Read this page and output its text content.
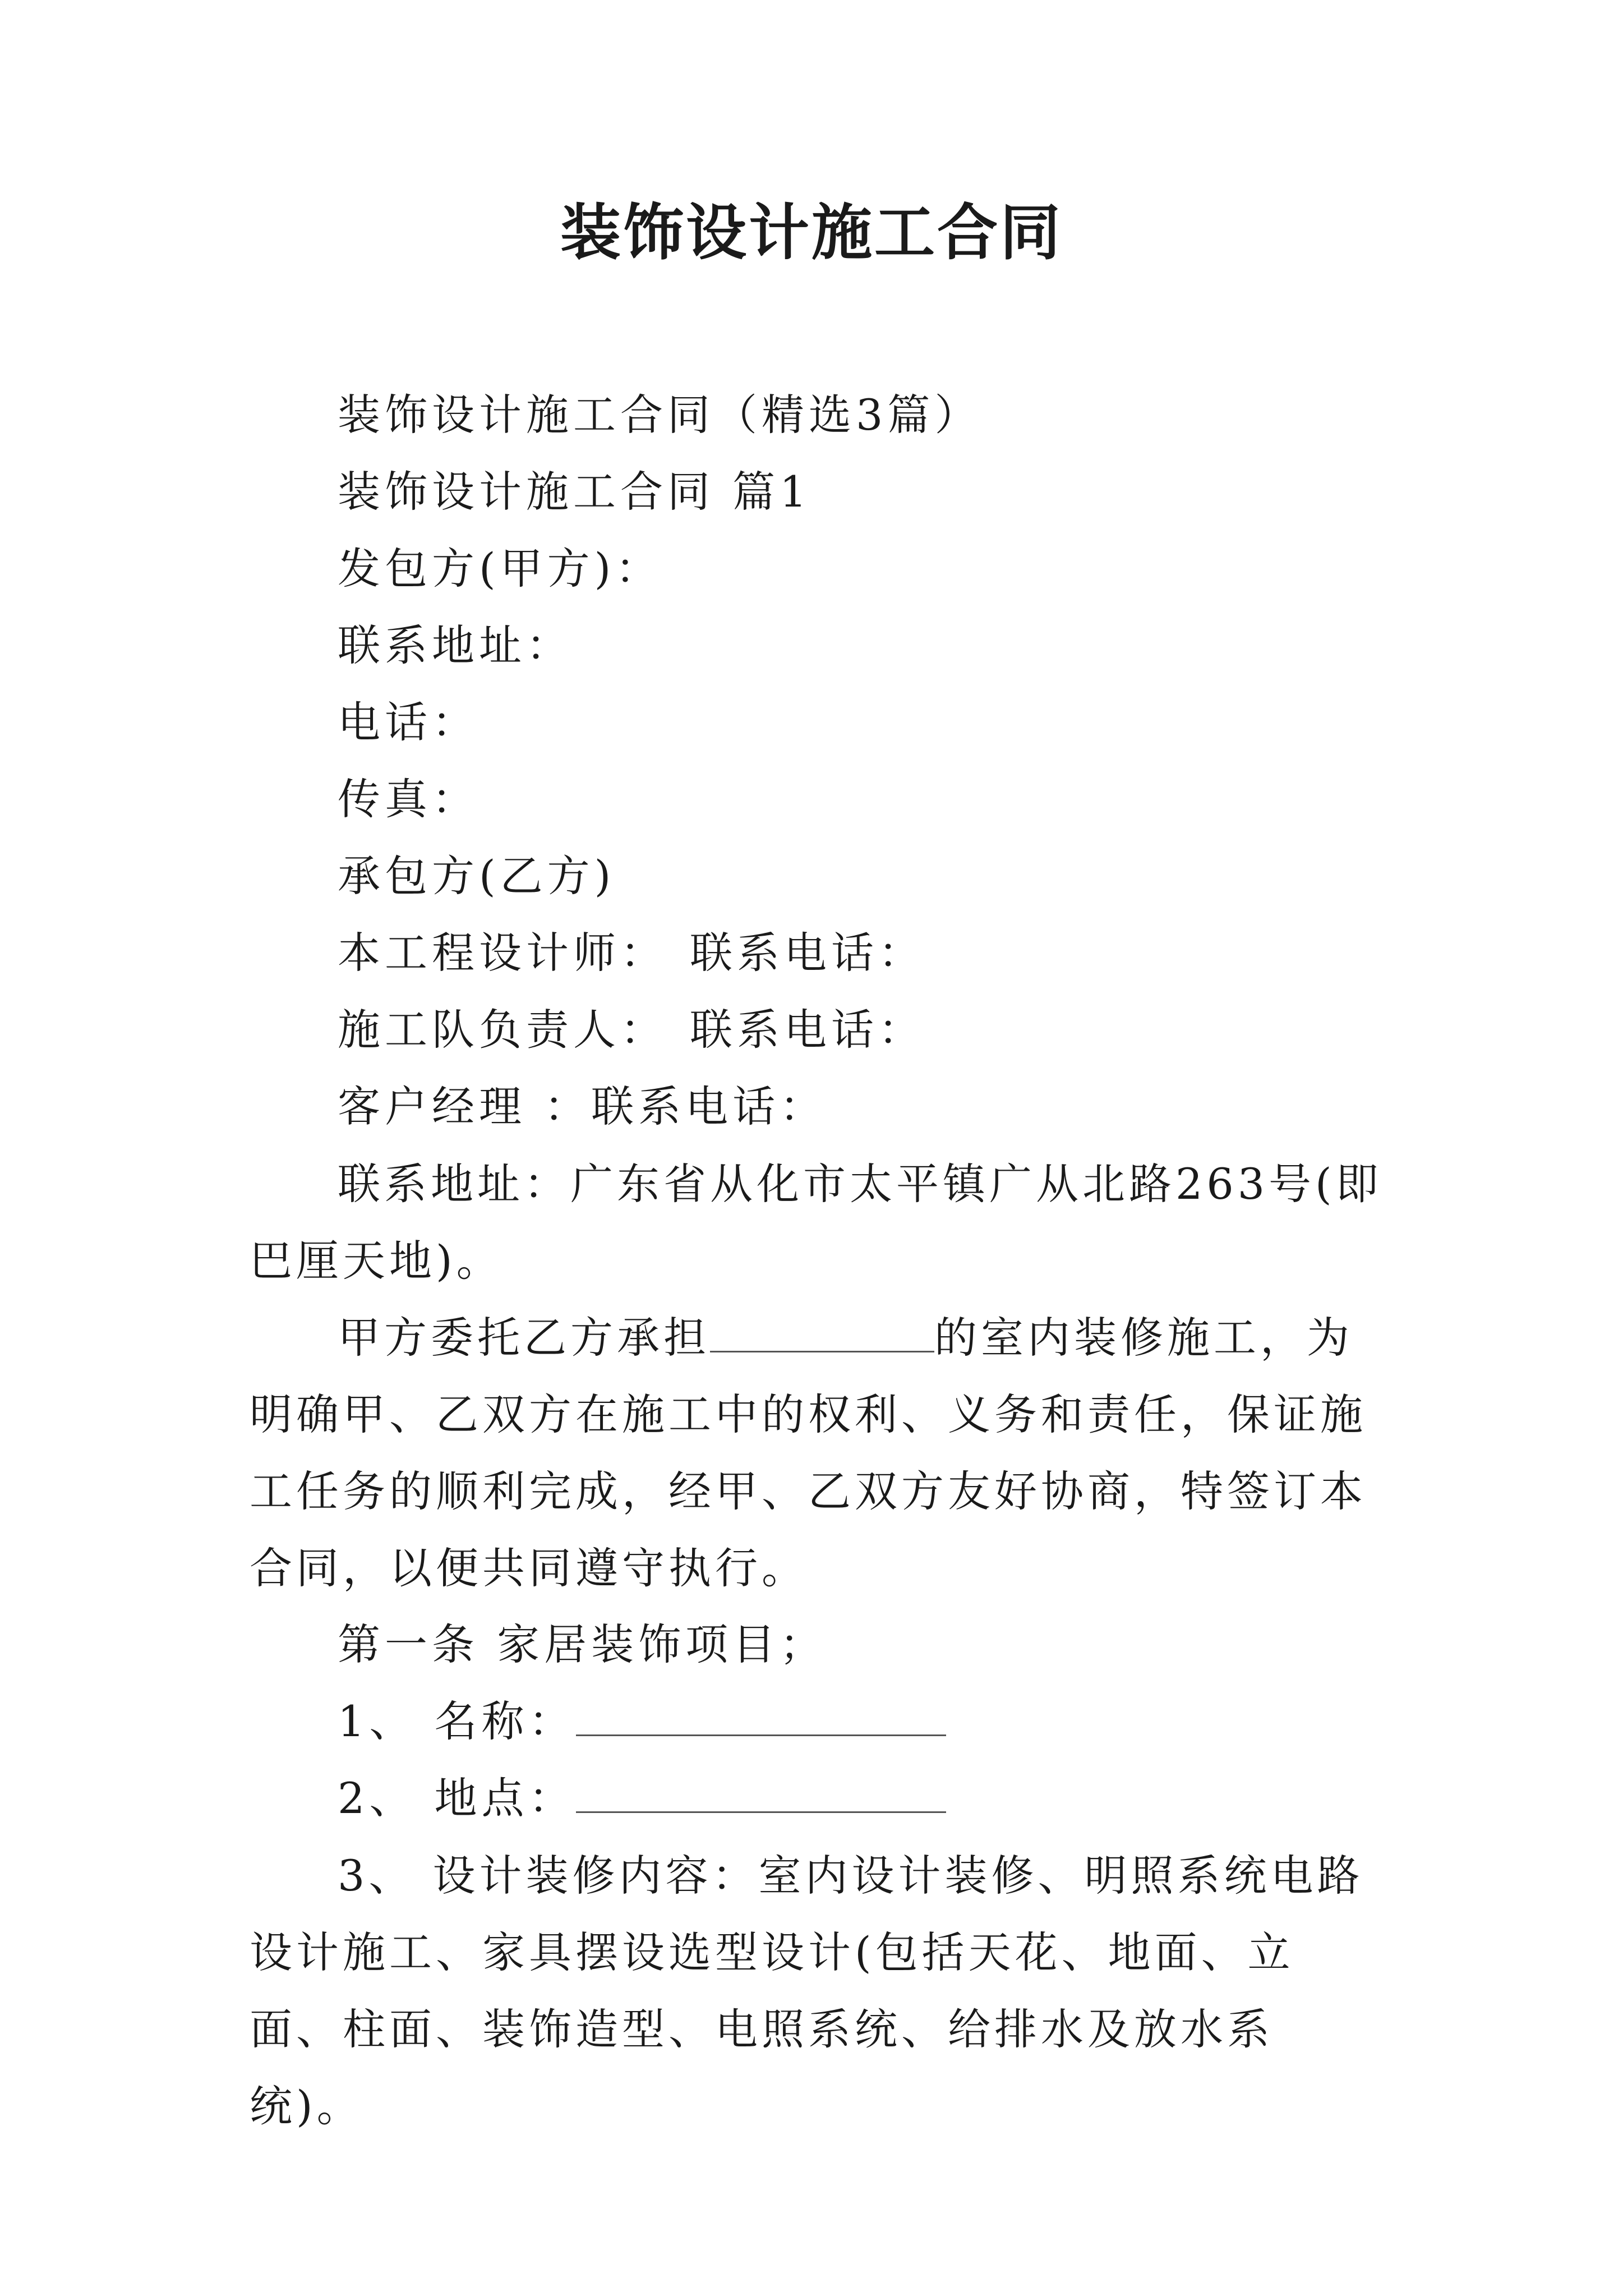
装饰设计施工合同

装饰设计施工合同（精选3篇）

装饰设计施工合同 篇1

发包方(甲方)：

联系地址：

电话：

传真：

承包方(乙方)

本工程设计师： 联系电话：

施工队负责人： 联系电话：

客户经理 ：联系电话：

联系地址：广东省从化市太平镇广从北路263号(即巴厘天地)。

甲方委托乙方承担	的室内装修施工，为明确甲、乙双方在施工中的权利、义务和责任，保证施工任务的顺利完成，经甲、乙双方友好协商，特签订本合同，以便共同遵守执行。

第一条 家居装饰项目；

1、 名称：

2、 地点：

3、 设计装修内容：室内设计装修、明照系统电路设计施工、家具摆设选型设计(包括天花、地面、立面、柱面、装饰造型、电照系统、给排水及放水系统)。
